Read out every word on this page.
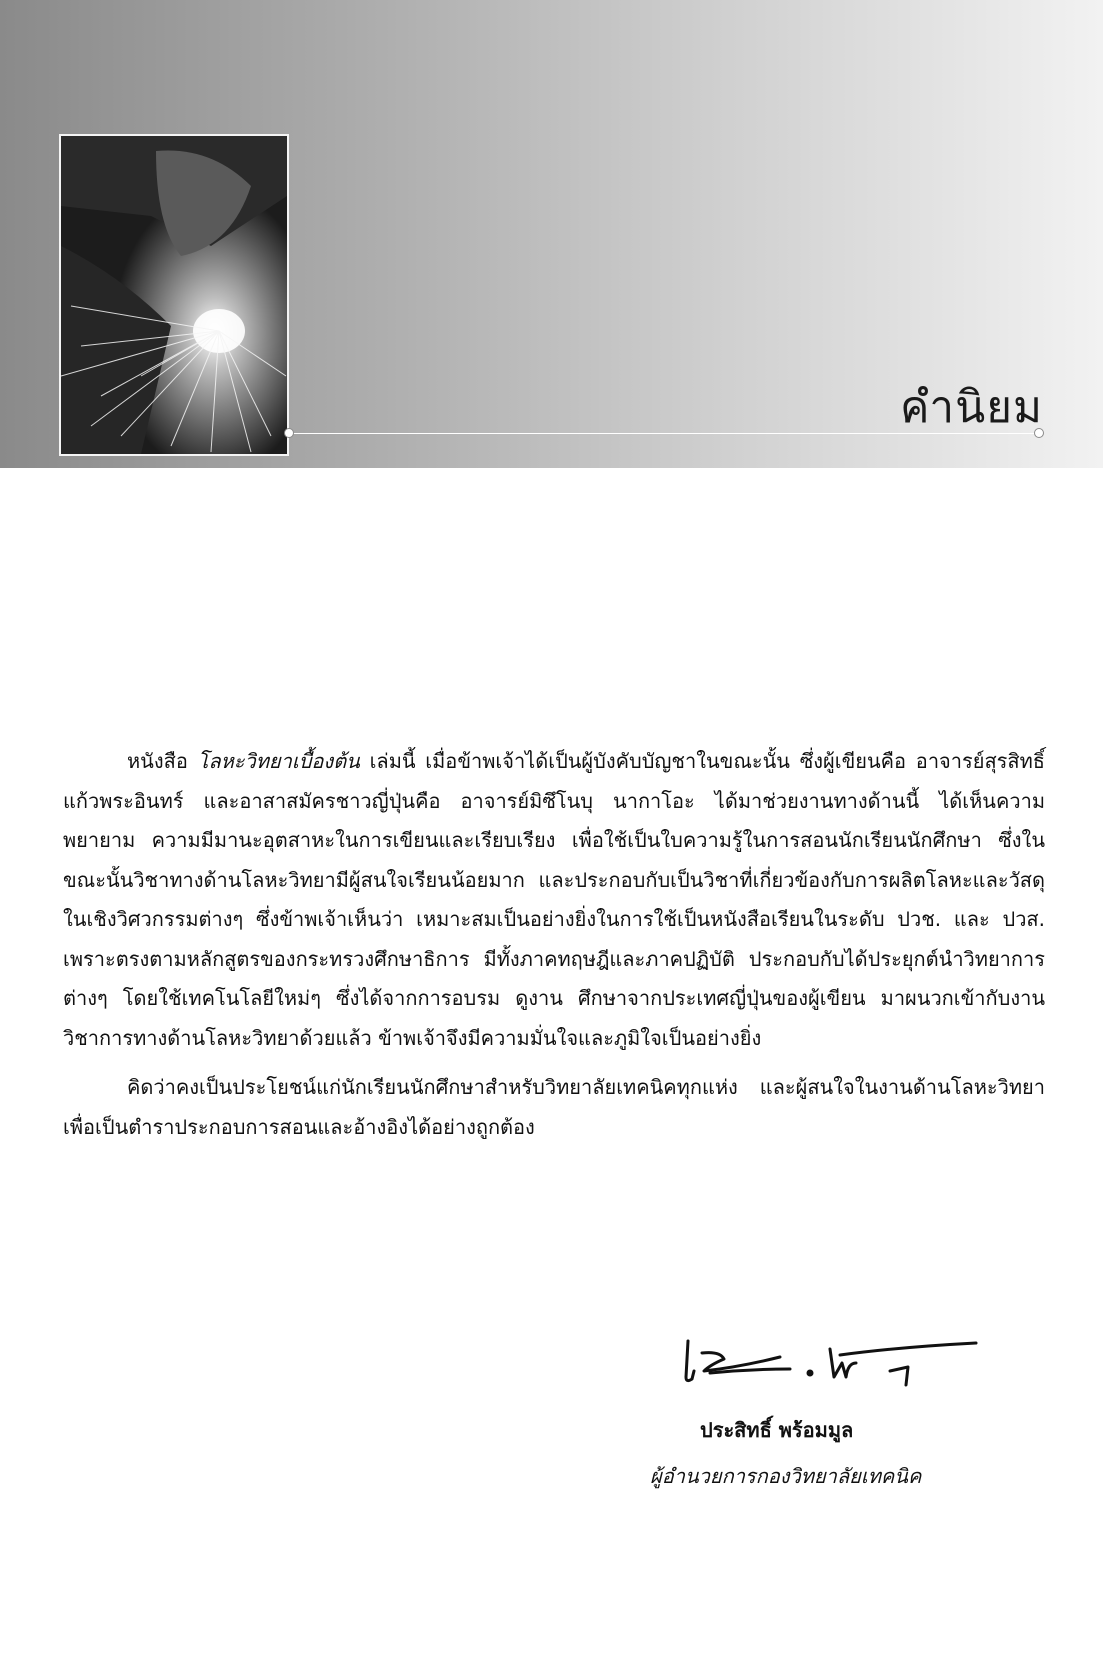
คำนิยม

หนังสือ โลหะวิทยาเบื้องต้น เล่มนี้ เมื่อข้าพเจ้าได้เป็นผู้บังคับบัญชาในขณะนั้น ซึ่งผู้เขียนคือ อาจารย์สุรสิทธิ์ แก้วพระอินทร์ และอาสาสมัครชาวญี่ปุ่นคือ อาจารย์มิซึโนบุ นากาโอะ ได้มาช่วยงานทางด้านนี้ ได้เห็นความพยายาม ความมีมานะอุตสาหะในการเขียนและเรียบเรียง เพื่อใช้เป็นใบความรู้ในการสอนนักเรียนนักศึกษา ซึ่งในขณะนั้นวิชาทางด้านโลหะวิทยามีผู้สนใจเรียนน้อยมาก และประกอบกับเป็นวิชาที่เกี่ยวข้องกับการผลิตโลหะและวัสดุในเชิงวิศวกรรมต่างๆ ซึ่งข้าพเจ้าเห็นว่า เหมาะสมเป็นอย่างยิ่งในการใช้เป็นหนังสือเรียนในระดับ ปวช. และ ปวส. เพราะตรงตามหลักสูตรของกระทรวงศึกษาธิการ มีทั้งภาคทฤษฎีและภาคปฏิบัติ ประกอบกับได้ประยุกต์นำวิทยาการต่างๆ โดยใช้เทคโนโลยีใหม่ๆ ซึ่งได้จากการอบรม ดูงาน ศึกษาจากประเทศญี่ปุ่นของผู้เขียน มาผนวกเข้ากับงานวิชาการทางด้านโลหะวิทยาด้วยแล้ว ข้าพเจ้าจึงมีความมั่นใจและภูมิใจเป็นอย่างยิ่ง

คิดว่าคงเป็นประโยชน์แก่นักเรียนนักศึกษาสำหรับวิทยาลัยเทคนิคทุกแห่ง และผู้สนใจในงานด้านโลหะวิทยา เพื่อเป็นตำราประกอบการสอนและอ้างอิงได้อย่างถูกต้อง

ประสิทธิ์ พร้อมมูล
ผู้อำนวยการกองวิทยาลัยเทคนิค
